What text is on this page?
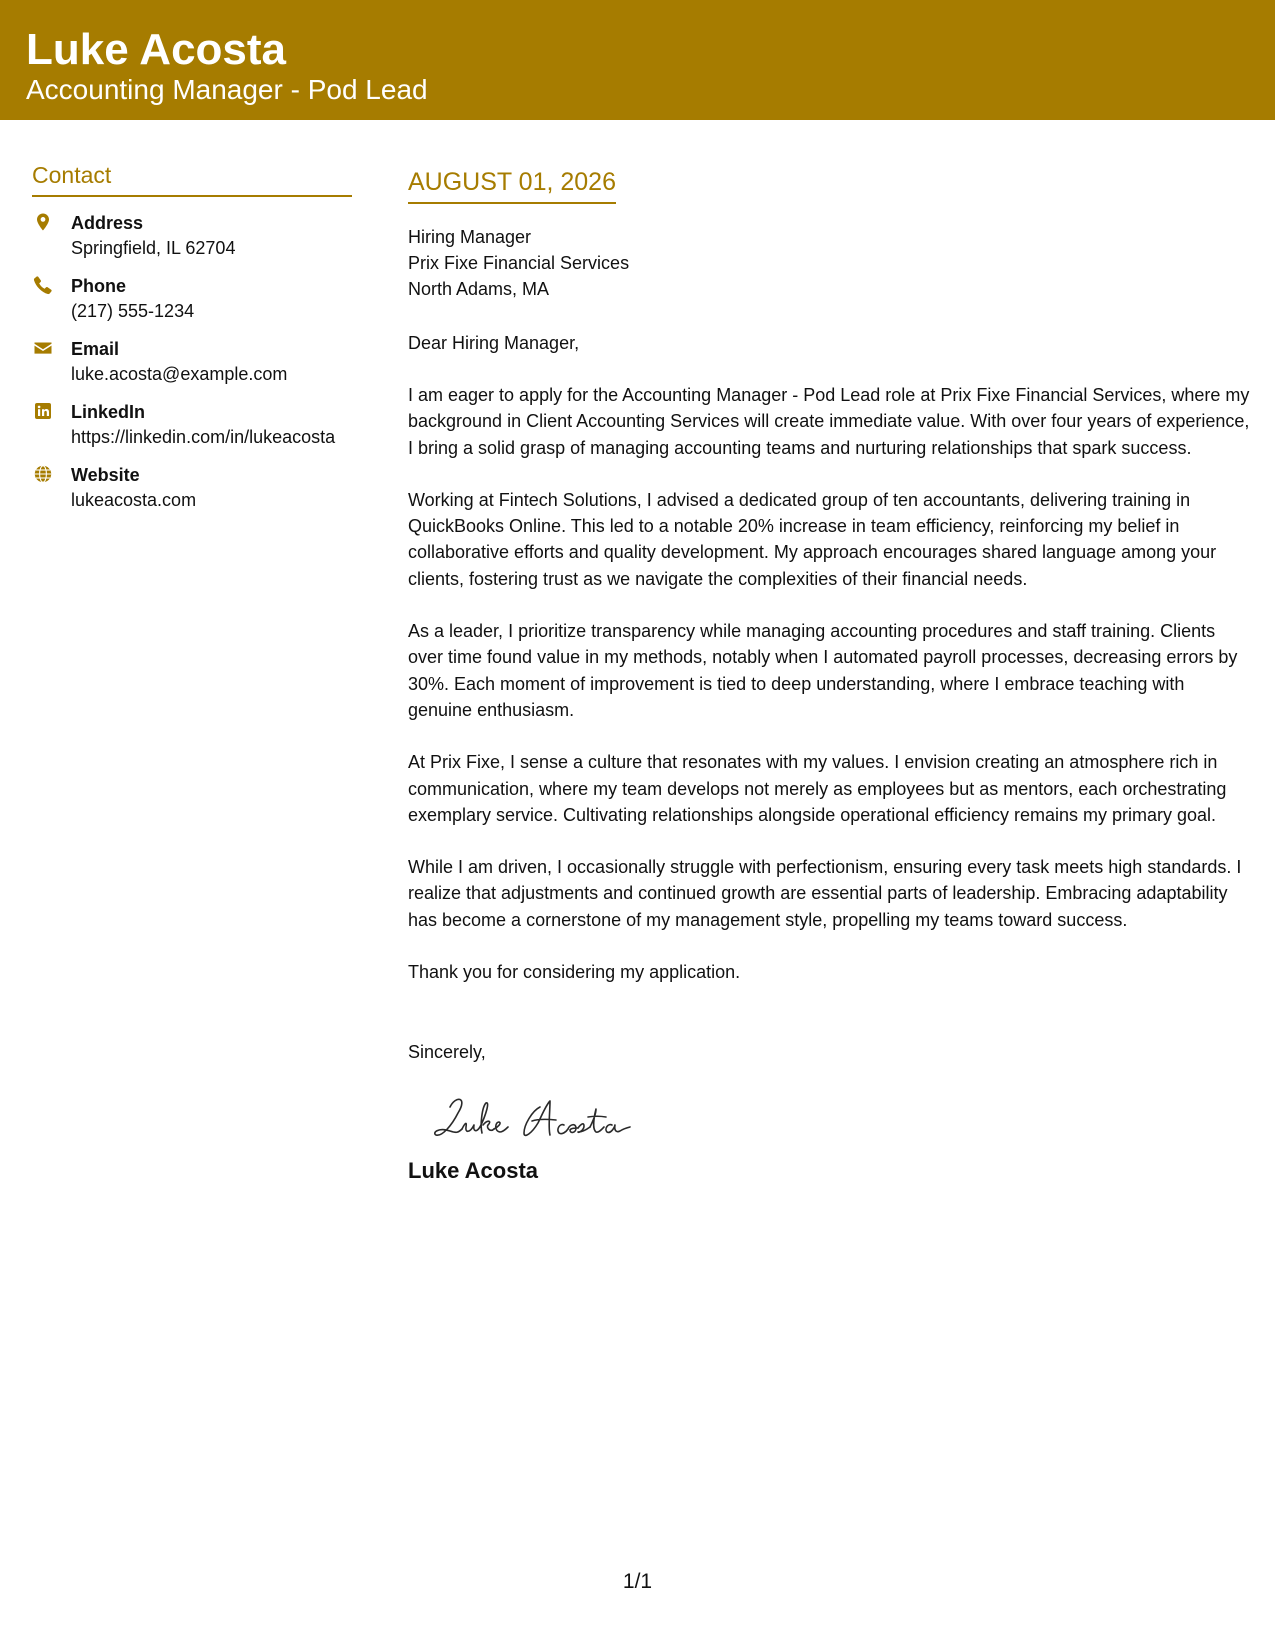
Luke Acosta
Accounting Manager - Pod Lead
Contact
Address
Springfield, IL 62704
Phone
(217) 555-1234
Email
luke.acosta@example.com
LinkedIn
https://linkedin.com/in/lukeacosta
Website
lukeacosta.com
AUGUST 01, 2026
Hiring Manager
Prix Fixe Financial Services
North Adams, MA
Dear Hiring Manager,

I am eager to apply for the Accounting Manager - Pod Lead role at Prix Fixe Financial Services, where my background in Client Accounting Services will create immediate value. With over four years of experience, I bring a solid grasp of managing accounting teams and nurturing relationships that spark success.

Working at Fintech Solutions, I advised a dedicated group of ten accountants, delivering training in QuickBooks Online. This led to a notable 20% increase in team efficiency, reinforcing my belief in collaborative efforts and quality development. My approach encourages shared language among your clients, fostering trust as we navigate the complexities of their financial needs.

As a leader, I prioritize transparency while managing accounting procedures and staff training. Clients over time found value in my methods, notably when I automated payroll processes, decreasing errors by 30%. Each moment of improvement is tied to deep understanding, where I embrace teaching with genuine enthusiasm.

At Prix Fixe, I sense a culture that resonates with my values. I envision creating an atmosphere rich in communication, where my team develops not merely as employees but as mentors, each orchestrating exemplary service. Cultivating relationships alongside operational efficiency remains my primary goal.

While I am driven, I occasionally struggle with perfectionism, ensuring every task meets high standards. I realize that adjustments and continued growth are essential parts of leadership. Embracing adaptability has become a cornerstone of my management style, propelling my teams toward success.

Thank you for considering my application.

Sincerely,
Luke Acosta
1/1
